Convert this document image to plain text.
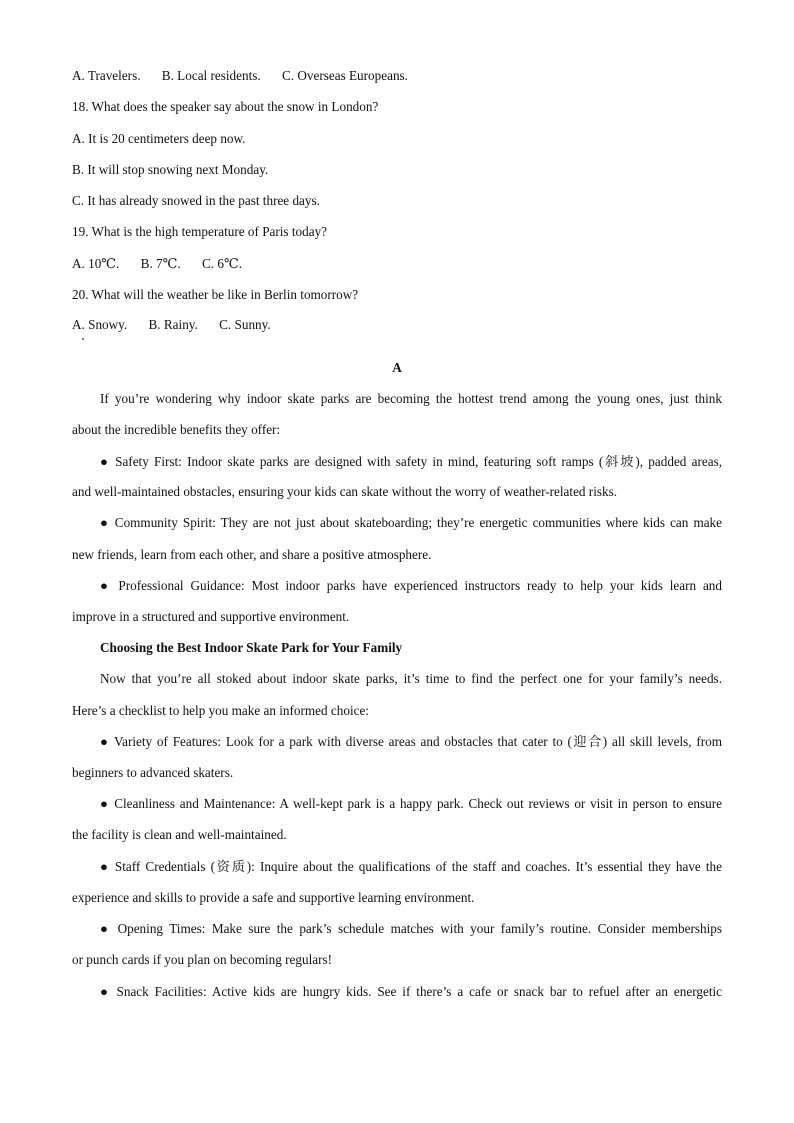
A. Travelers. B. Local residents. C. Overseas Europeans.
18. What does the speaker say about the snow in London?
A. It is 20 centimeters deep now.
B. It will stop snowing next Monday.
C. It has already snowed in the past three days.
19. What is the high temperature of Paris today?
A. 10℃. B. 7℃. C. 6℃.
20. What will the weather be like in Berlin tomorrow?
A. Snowy. B. Rainy. C. Sunny.
A
If you’re wondering why indoor skate parks are becoming the hottest trend among the young ones, just think
about the incredible benefits they offer:
● Safety First: Indoor skate parks are designed with safety in mind, featuring soft ramps (斜坡), padded areas,
and well-maintained obstacles, ensuring your kids can skate without the worry of weather-related risks.
● Community Spirit: They are not just about skateboarding; they’re energetic communities where kids can make
new friends, learn from each other, and share a positive atmosphere.
● Professional Guidance: Most indoor parks have experienced instructors ready to help your kids learn and
improve in a structured and supportive environment.
Choosing the Best Indoor Skate Park for Your Family
Now that you’re all stoked about indoor skate parks, it’s time to find the perfect one for your family’s needs.
Here’s a checklist to help you make an informed choice:
● Variety of Features: Look for a park with diverse areas and obstacles that cater to (迎合) all skill levels, from
beginners to advanced skaters.
● Cleanliness and Maintenance: A well-kept park is a happy park. Check out reviews or visit in person to ensure
the facility is clean and well-maintained.
● Staff Credentials (资质): Inquire about the qualifications of the staff and coaches. It’s essential they have the
experience and skills to provide a safe and supportive learning environment.
● Opening Times: Make sure the park’s schedule matches with your family’s routine. Consider memberships
or punch cards if you plan on becoming regulars!
● Snack Facilities: Active kids are hungry kids. See if there’s a cafe or snack bar to refuel after an energetic
